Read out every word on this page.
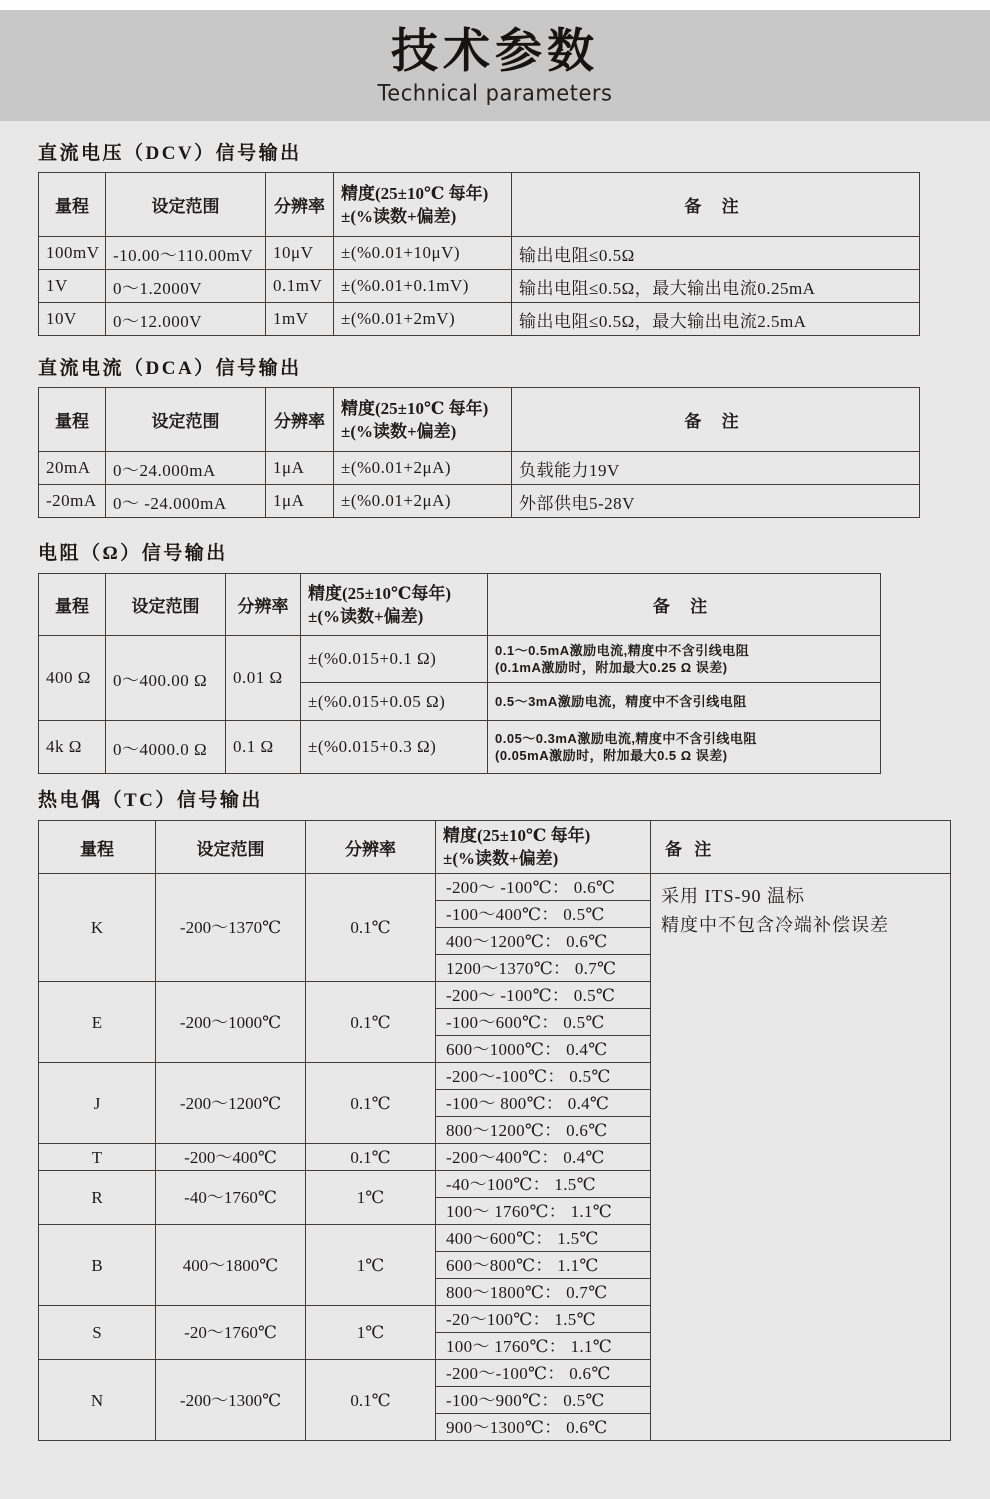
技术参数
Technical parameters
直流电压（DCV）信号输出
量程	设定范围	分辨率	精度(25±10℃ 每年)
±(%读数+偏差)	备 注
100mV	-10.00～110.00mV	10μV	±(%0.01+10μV)	输出电阻≤0.5Ω
1V	0～1.2000V	0.1mV	±(%0.01+0.1mV)	输出电阻≤0.5Ω，最大输出电流0.25mA
10V	0～12.000V	1mV	±(%0.01+2mV)	输出电阻≤0.5Ω，最大输出电流2.5mA
直流电流（DCA）信号输出
量程	设定范围	分辨率	精度(25±10℃ 每年)
±(%读数+偏差)	备 注
20mA	0～24.000mA	1μA	±(%0.01+2μA)	负载能力19V
-20mA	0～ -24.000mA	1μA	±(%0.01+2μA)	外部供电5-28V
电阻（Ω）信号输出
量程	设定范围	分辨率	精度(25±10℃每年)
±(%读数+偏差)	备 注
400 Ω	0～400.00 Ω	0.01 Ω	±(%0.015+0.1 Ω)	0.1～0.5mA激励电流,精度中不含引线电阻
(0.1mA激励时，附加最大0.25 Ω 误差)

			±(%0.015+0.05 Ω)	0.5～3mA激励电流，精度中不含引线电阻
4k Ω	0～4000.0 Ω	0.1 Ω	±(%0.015+0.3 Ω)	0.05～0.3mA激励电流,精度中不含引线电阻
(0.05mA激励时，附加最大0.5 Ω 误差)
热电偶（TC）信号输出
量程	设定范围	分辨率	精度(25±10℃ 每年)
±(%读数+偏差)	备 注
K	-200～1370℃	0.1℃	-200～ -100℃： 0.6℃	采用 ITS-90 温标
精度中不包含冷端补偿误差

			-100～400℃： 0.5℃	
			400～1200℃： 0.6℃	
			1200～1370℃： 0.7℃	
E	-200～1000℃	0.1℃	-200～ -100℃： 0.5℃	
			-100～600℃： 0.5℃	
			600～1000℃： 0.4℃	
J	-200～1200℃	0.1℃	-200～-100℃： 0.5℃	
			-100～ 800℃： 0.4℃	
			800～1200℃： 0.6℃	
T	-200～400℃	0.1℃	-200～400℃： 0.4℃	
R	-40～1760℃	1℃	-40～100℃： 1.5℃	
			100～ 1760℃： 1.1℃	
B	400～1800℃	1℃	400～600℃： 1.5℃	
			600～800℃： 1.1℃	
			800～1800℃： 0.7℃	
S	-20～1760℃	1℃	-20～100℃： 1.5℃	
			100～ 1760℃： 1.1℃	
N	-200～1300℃	0.1℃	-200～-100℃： 0.6℃	
			-100～900℃： 0.5℃	
			900～1300℃： 0.6℃	
